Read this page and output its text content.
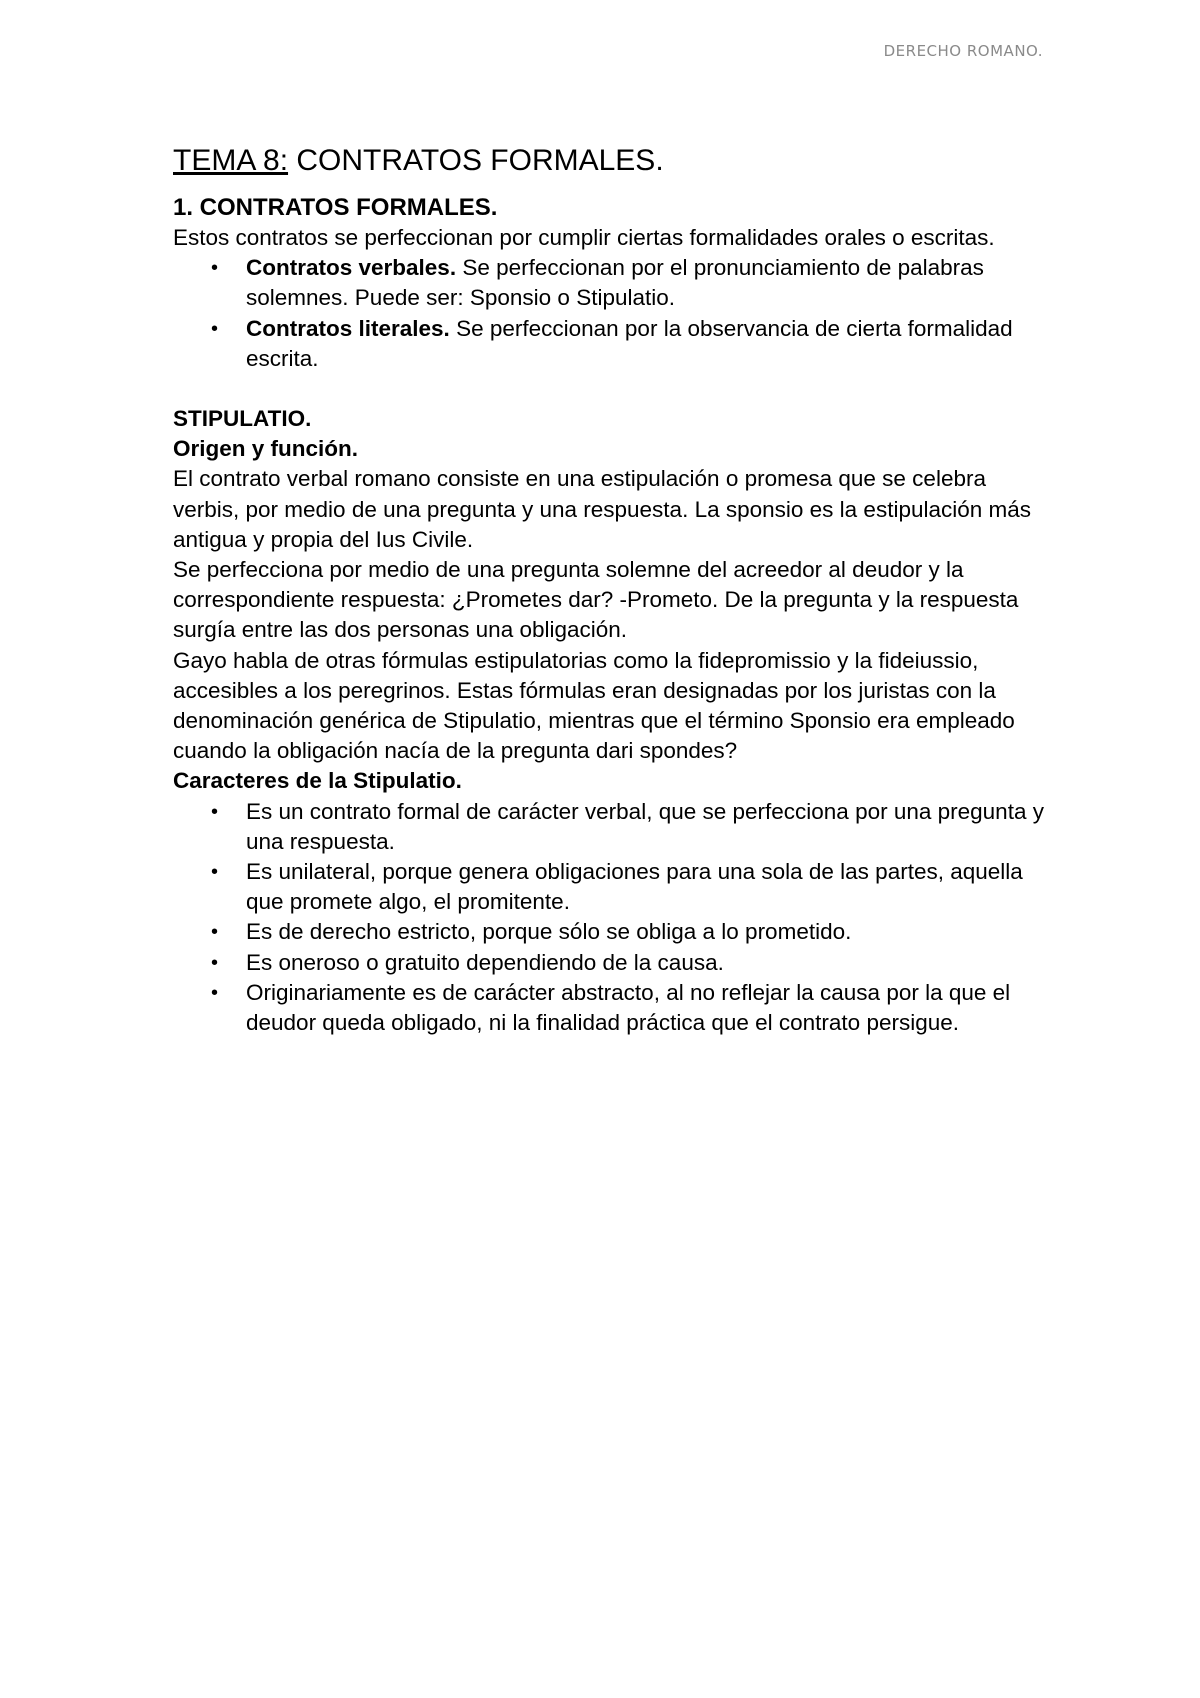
DERECHO ROMANO.
TEMA 8: CONTRATOS FORMALES.
1. CONTRATOS FORMALES.

Estos contratos se perfeccionan por cumplir ciertas formalidades orales o escritas.

• Contratos verbales. Se perfeccionan por el pronunciamiento de palabras solemnes. Puede ser: Sponsio o Stipulatio.
• Contratos literales. Se perfeccionan por la observancia de cierta formalidad escrita.

STIPULATIO.

Origen y función.

El contrato verbal romano consiste en una estipulación o promesa que se celebra verbis, por medio de una pregunta y una respuesta. La sponsio es la estipulación más antigua y propia del Ius Civile.

Se perfecciona por medio de una pregunta solemne del acreedor al deudor y la correspondiente respuesta: ¿Prometes dar? -Prometo. De la pregunta y la respuesta surgía entre las dos personas una obligación.

Gayo habla de otras fórmulas estipulatorias como la fidepromissio y la fideiussio, accesibles a los peregrinos. Estas fórmulas eran designadas por los juristas con la denominación genérica de Stipulatio, mientras que el término Sponsio era empleado cuando la obligación nacía de la pregunta dari spondes?

Caracteres de la Stipulatio.

• Es un contrato formal de carácter verbal, que se perfecciona por una pregunta y una respuesta.
• Es unilateral, porque genera obligaciones para una sola de las partes, aquella que promete algo, el promitente.
• Es de derecho estricto, porque sólo se obliga a lo prometido.
• Es oneroso o gratuito dependiendo de la causa.
• Originariamente es de carácter abstracto, al no reflejar la causa por la que el deudor queda obligado, ni la finalidad práctica que el contrato persigue.
